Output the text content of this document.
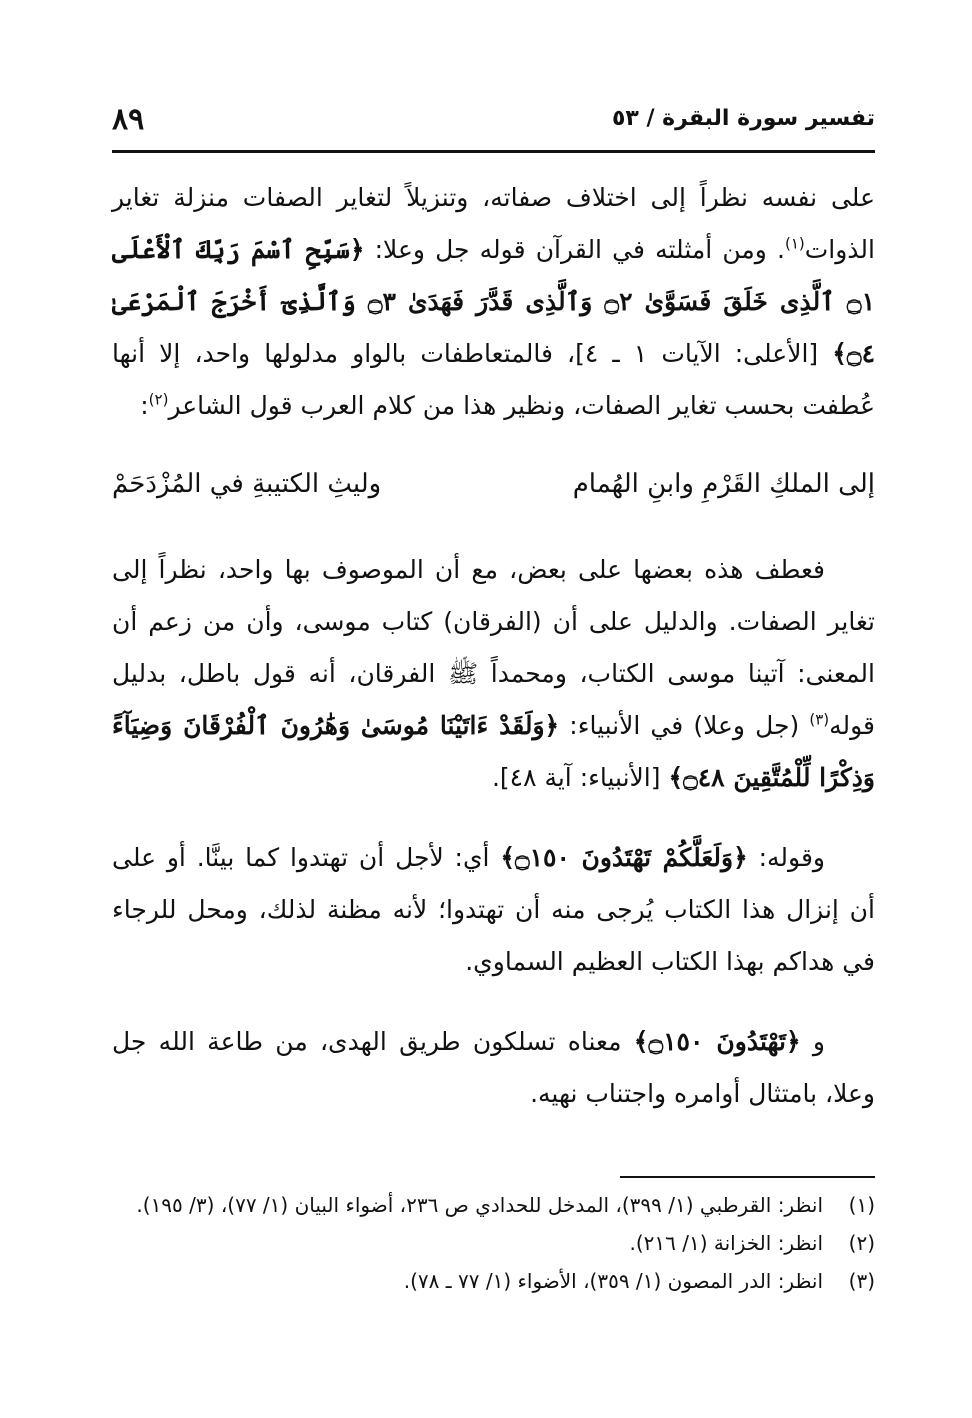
٨٩	تفسير سورة البقرة / ٥٣

على نفسه نظراً إلى اختلاف صفاته، وتنزيلاً لتغاير الصفات منزلة تغاير الذوات$^{(١)}$. ومن أمثلته في القرآن قوله جل وعلا: ﴿سَبِّحِ ٱسْمَ رَبِّكَ ٱلْأَعْلَى ۝١ ٱلَّذِى خَلَقَ فَسَوَّىٰ ۝٢ وَٱلَّذِى قَدَّرَ فَهَدَىٰ ۝٣ وَٱلَّذِىٓ أَخْرَجَ ٱلْمَرْعَىٰ ۝٤﴾ [الأعلى: الآيات ١ ـ ٤]، فالمتعاطفات بالواو مدلولها واحد، إلا أنها عُطفت بحسب تغاير الصفات، ونظير هذا من كلام العرب قول الشاعر$^{(٢)}$:

إلى الملكِ القَرْمِ وابنِ الهُمام
وليثِ الكتيبةِ في المُزْدَحَمْ

فعطف هذه بعضها على بعض، مع أن الموصوف بها واحد، نظراً إلى تغاير الصفات. والدليل على أن (الفرقان) كتاب موسى، وأن من زعم أن المعنى: آتينا موسى الكتاب، ومحمداً ﷺ الفرقان، أنه قول باطل، بدليل قوله$^{(٣)}$ (جل وعلا) في الأنبياء: ﴿وَلَقَدْ ءَاتَيْنَا مُوسَىٰ وَهَٰرُونَ ٱلْفُرْقَانَ وَضِيَآءً وَذِكْرًا لِّلْمُتَّقِينَ ۝٤٨﴾ [الأنبياء: آية ٤٨].

وقوله: ﴿وَلَعَلَّكُمْ تَهْتَدُونَ ۝١٥٠﴾ أي: لأجل أن تهتدوا كما بينَّا. أو على أن إنزال هذا الكتاب يُرجى منه أن تهتدوا؛ لأنه مظنة لذلك، ومحل للرجاء في هداكم بهذا الكتاب العظيم السماوي.

و ﴿تَهْتَدُونَ ۝١٥٠﴾ معناه تسلكون طريق الهدى، من طاعة الله جل وعلا، بامتثال أوامره واجتناب نهيه.

(١)انظر: القرطبي (١/ ٣٩٩)، المدخل للحدادي ص ٢٣٦، أضواء البيان (١/ ٧٧)، (٣/ ١٩٥).

(٢)انظر: الخزانة (١/ ٢١٦).

(٣)انظر: الدر المصون (١/ ٣٥٩)، الأضواء (١/ ٧٧ ـ ٧٨).
